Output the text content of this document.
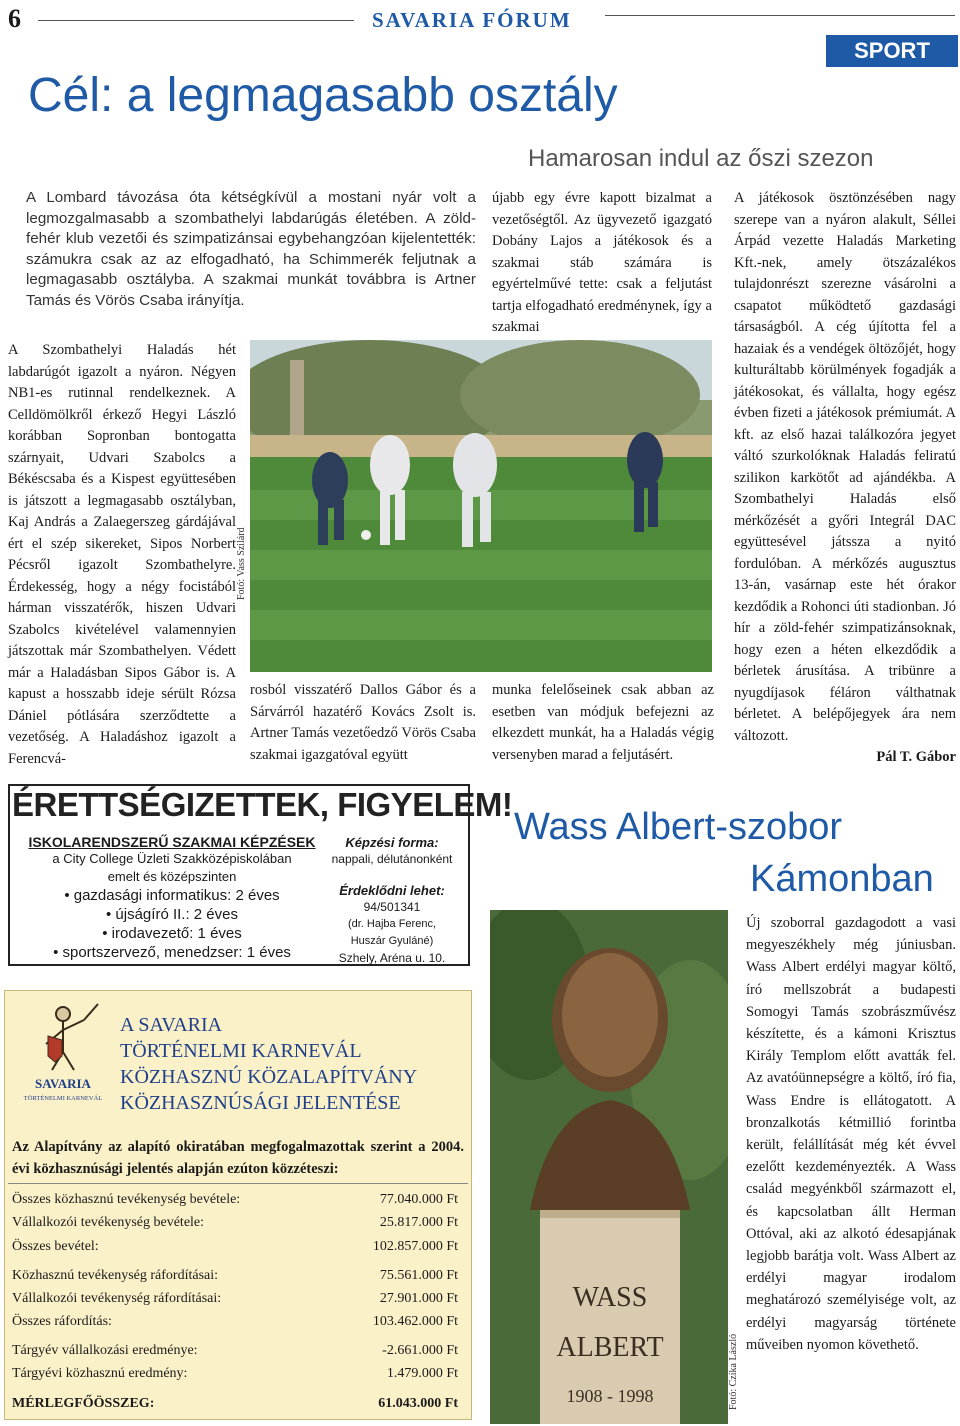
6	SAVARIA FÓRUM
SPORT
Cél: a legmagasabb osztály
Hamarosan indul az őszi szezon
A Lombard távozása óta kétségkívül a mostani nyár volt a legmozgalmasabb a szombathelyi labdarúgás életében. A zöld-fehér klub vezetői és szimpatizánsai egybehangzóan kijelentették: számukra csak az az elfogadható, ha Schimmerék feljutnak a legmagasabb osztályba. A szakmai munkát továbbra is Artner Tamás és Vörös Csaba irányítja.
A Szombathelyi Haladás hét labdarúgót igazolt a nyáron. Négyen NB1-es rutinnal rendelkeznek. A Celldömölkről érkező Hegyi László korábban Sopronban bontogatta szárnyait, Udvari Szabolcs a Békéscsaba és a Kispest együttesében is játszott a legmagasabb osztályban, Kaj András a Zalaegerszeg gárdájával ért el szép sikereket, Sipos Norbert Pécsről igazolt Szombathelyre. Érdekesség, hogy a négy focistából hárman visszatérők, hiszen Udvari Szabolcs kivételével valamennyien játszottak már Szombathelyen. Védett már a Haladásban Sipos Gábor is. A kapust a hosszabb ideje sérült Rózsa Dániel pótlására szerződtette a vezetőség. A Haladáshoz igazolt a Ferencvá-
újabb egy évre kapott bizalmat a vezetőségtől. Az ügyvezető igazgató Dobány Lajos a játékosok és a szakmai stáb számára is egyértelművé tette: csak a feljutást tartja elfogadható eredménynek, így a szakmai
A játékosok ösztönzésében nagy szerepe van a nyáron alakult, Séllei Árpád vezette Haladás Marketing Kft.-nek, amely ötszázalékos tulajdonrészt szerezne vásárolni a csapatot működtető gazdasági társaságból. A cég újította fel a hazaiak és a vendégek öltözőjét, hogy kulturáltabb körülmények fogadják a játékosokat, és vállalta, hogy egész évben fizeti a játékosok prémiumát. A kft. az első hazai találkozóra jegyet váltó szurkolóknak Haladás feliratú szilikon karkötőt ad ajándékba. A Szombathelyi Haladás első mérkőzését a győri Integrál DAC együttesével játssza a nyitó fordulóban. A mérkőzés augusztus 13-án, vasárnap este hét órakor kezdődik a Rohonci úti stadionban. Jó hír a zöld-fehér szimpatizánsoknak, hogy ezen a héten elkezdődik a bérletek árusítása. A tribünre a nyugdíjasok féláron válthatnak bérletet. A belépőjegyek ára nem változott.
Pál T. Gábor
Fotó: Vass Szilárd
rosból visszatérő Dallos Gábor és a Sárvárról hazatérő Kovács Zsolt is. Artner Tamás vezetőedző Vörös Csaba szakmai igazgatóval együtt
munka felelőseinek csak abban az esetben van módjuk befejezni az elkezdett munkát, ha a Haladás végig versenyben marad a feljutásért.
ÉRETTSÉGIZETTEK, FIGYELEM!
ISKOLARENDSZERŰ SZAKMAI KÉPZÉSEK
a City College Üzleti Szakközépiskolában
emelt és középszinten
• gazdasági informatikus: 2 éves
• újságíró II.: 2 éves
• irodavezető: 1 éves
• sportszervező, menedzser: 1 éves
Képzési forma:
nappali, délutánonként
Érdeklődni lehet:
94/501341
(dr. Hajba Ferenc,
Huszár Gyuláné)
Szhely, Aréna u. 10.
SAVARIA
TÖRTÉNELMI KARNEVÁL
A SAVARIA
TÖRTÉNELMI KARNEVÁL
KÖZHASZNÚ KÖZALAPÍTVÁNY
KÖZHASZNÚSÁGI JELENTÉSE
Az Alapítvány az alapító okiratában megfogalmazottak szerint a 2004. évi közhasznúsági jelentés alapján ezúton közzéteszi:
Összes közhasznú tevékenység bevétele:	77.040.000 Ft
Vállalkozói tevékenység bevétele:	25.817.000 Ft
Összes bevétel:	102.857.000 Ft
Közhasznú tevékenység ráfordításai:	75.561.000 Ft
Vállalkozói tevékenység ráfordításai:	27.901.000 Ft
Összes ráfordítás:	103.462.000 Ft
Tárgyév vállalkozási eredménye:	-2.661.000 Ft
Tárgyévi közhasznú eredmény:	1.479.000 Ft
MÉRLEGFŐÖSSZEG:	61.043.000 Ft
Wass Albert-szobor
Kámonban
WASS
ALBERT
1908 - 1998	Fotó: Czika László
Új szoborral gazdagodott a vasi megyeszékhely még júniusban. Wass Albert erdélyi magyar költő, író mellszobrát a budapesti Somogyi Tamás szobrászművész készítette, és a kámoni Krisztus Király Templom előtt avatták fel. Az avatóünnepségre a költő, író fia, Wass Endre is ellátogatott. A bronzalkotás kétmillió forintba került, felállítását még két évvel ezelőtt kezdeményezték. A Wass család megyénkből származott el, és kapcsolatban állt Herman Ottóval, aki az alkotó édesapjának legjobb barátja volt. Wass Albert az erdélyi magyar irodalom meghatározó személyisége volt, az erdélyi magyarság története műveiben nyomon követhető.
